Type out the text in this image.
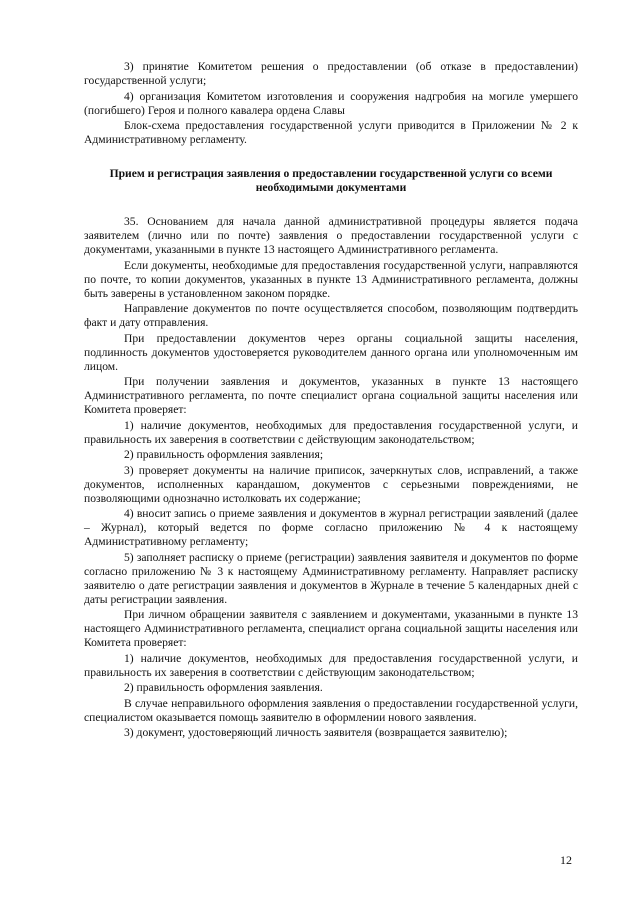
3) принятие Комитетом решения о предоставлении (об отказе в предоставлении) государственной услуги;
4) организация Комитетом изготовления и сооружения надгробия на могиле умершего (погибшего) Героя и полного кавалера ордена Славы
Блок-схема предоставления государственной услуги приводится в Приложении № 2 к Административному регламенту.
Прием и регистрация заявления о предоставлении государственной услуги со всеми необходимыми документами
35. Основанием для начала данной административной процедуры является подача заявителем (лично или по почте) заявления о предоставлении государственной услуги с документами, указанными в пункте 13 настоящего Административного регламента.
Если документы, необходимые для предоставления государственной услуги, направляются по почте, то копии документов, указанных в пункте 13 Административного регламента, должны быть заверены в установленном законом порядке.
Направление документов по почте осуществляется способом, позволяющим подтвердить факт и дату отправления.
При предоставлении документов через органы социальной защиты населения, подлинность документов удостоверяется руководителем данного органа или уполномоченным им лицом.
При получении заявления и документов, указанных в пункте 13 настоящего Административного регламента, по почте специалист органа социальной защиты населения или Комитета проверяет:
1) наличие документов, необходимых для предоставления государственной услуги, и правильность их заверения в соответствии с действующим законодательством;
2) правильность оформления заявления;
3) проверяет документы на наличие приписок, зачеркнутых слов, исправлений, а также документов, исполненных карандашом, документов с серьезными повреждениями, не позволяющими однозначно истолковать их содержание;
4) вносит запись о приеме заявления и документов в журнал регистрации заявлений (далее – Журнал), который ведется по форме согласно приложению № 4 к настоящему Административному регламенту;
5) заполняет расписку о приеме (регистрации) заявления заявителя и документов по форме согласно приложению № 3 к настоящему Административному регламенту. Направляет расписку заявителю о дате регистрации заявления и документов в Журнале в течение 5 календарных дней с даты регистрации заявления.
При личном обращении заявителя с заявлением и документами, указанными в пункте 13 настоящего Административного регламента, специалист органа социальной защиты населения или Комитета проверяет:
1) наличие документов, необходимых для предоставления государственной услуги, и правильность их заверения в соответствии с действующим законодательством;
2) правильность оформления заявления.
В случае неправильного оформления заявления о предоставлении государственной услуги, специалистом оказывается помощь заявителю в оформлении нового заявления.
3) документ, удостоверяющий личность заявителя (возвращается заявителю);
12
